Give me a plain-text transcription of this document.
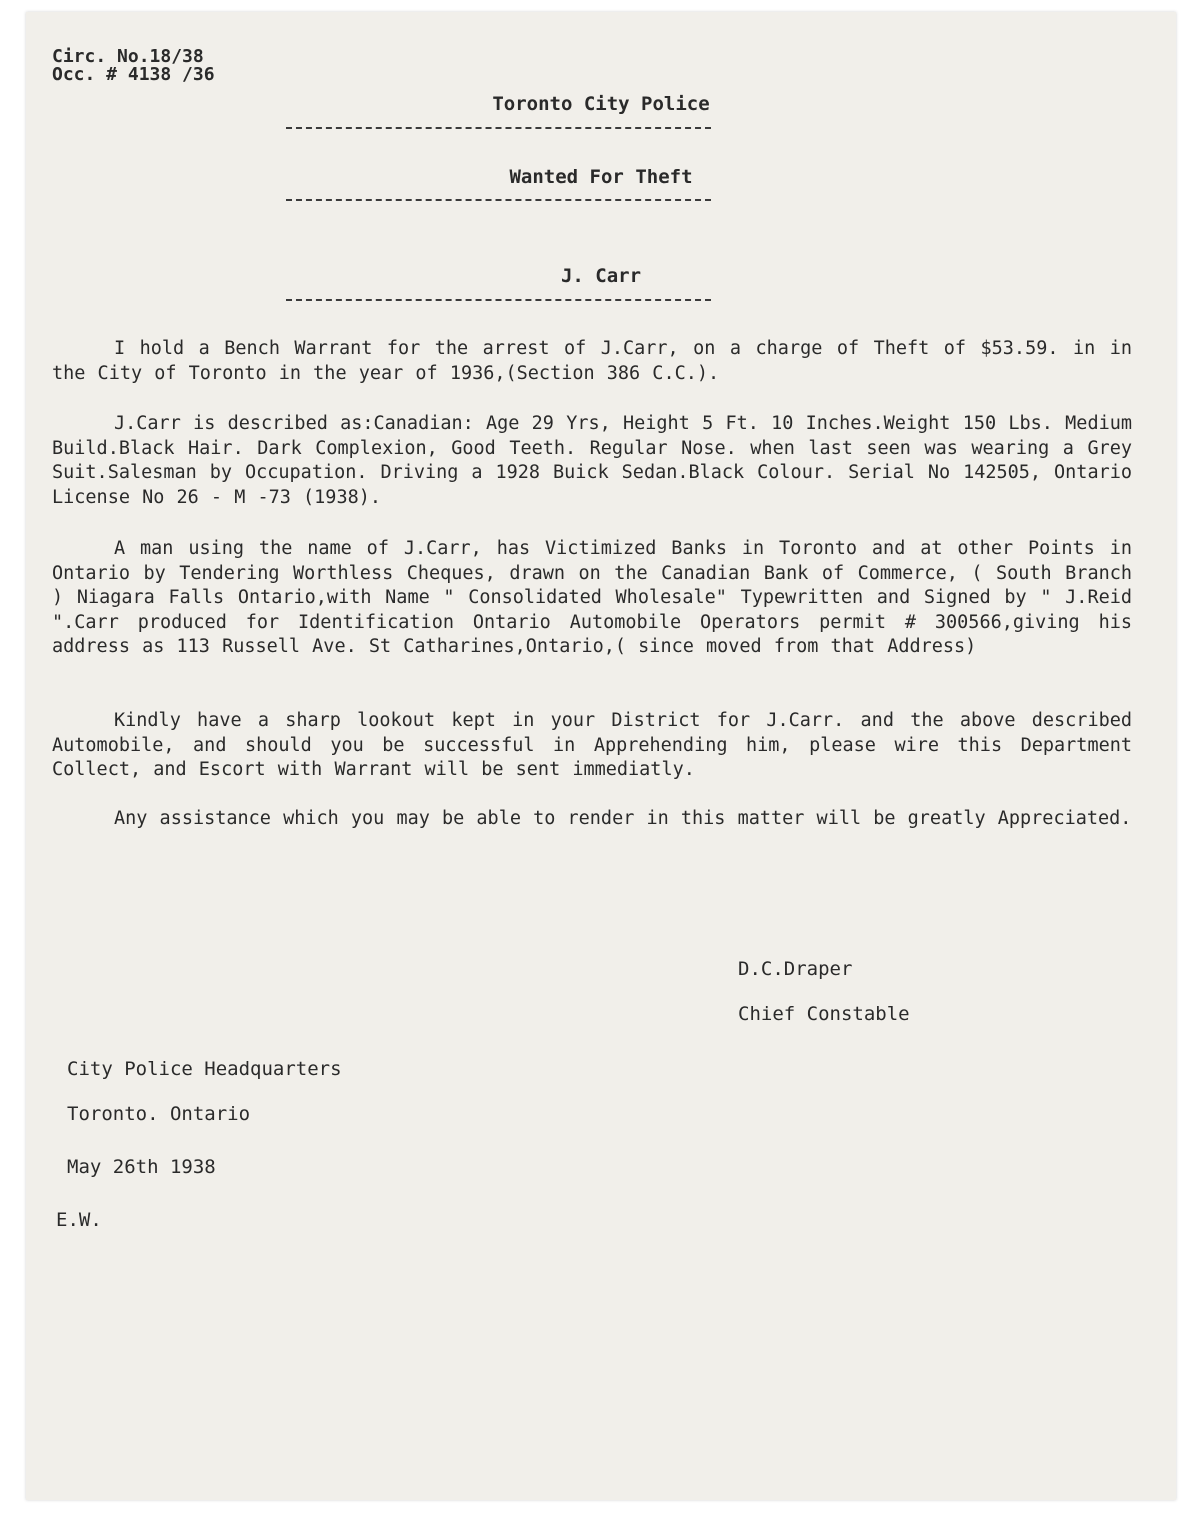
Circ. No.18/38

Occ. # 4138 /36

Toronto City Police

Wanted For Theft

J. Carr

I hold a Bench Warrant for the arrest of J.Carr, on a charge of Theft of $53.59. in in the City of Toronto in the year of 1936,(Section 386 C.C.).

J.Carr is described as:Canadian: Age 29 Yrs, Height 5 Ft. 10 Inches.Weight 150 Lbs. Medium Build.Black Hair. Dark Complexion, Good Teeth. Regular Nose. when last seen was wearing a Grey Suit.Salesman by Occupation. Driving a 1928 Buick Sedan.Black Colour. Serial No 142505, Ontario License No 26 - M -73 (1938).

A man using the name of J.Carr, has Victimized Banks in Toronto and at other Points in Ontario by Tendering Worthless Cheques, drawn on the Canadian Bank of Commerce, ( South Branch ) Niagara Falls Ontario,with Name " Consolidated Wholesale" Typewritten and Signed by " J.Reid ".Carr produced for Identification Ontario Automobile Operators permit # 300566,giving his address as 113 Russell Ave. St Catharines,Ontario,( since moved from that Address)

Kindly have a sharp lookout kept in your District for J.Carr. and the above described Automobile, and should you be successful in Apprehending him, please wire this Department Collect, and Escort with Warrant will be sent immediatly.

Any assistance which you may be able to render in this matter will be greatly Appreciated.

D.C.Draper

Chief Constable

City Police Headquarters

Toronto. Ontario

May 26th 1938

E.W.
